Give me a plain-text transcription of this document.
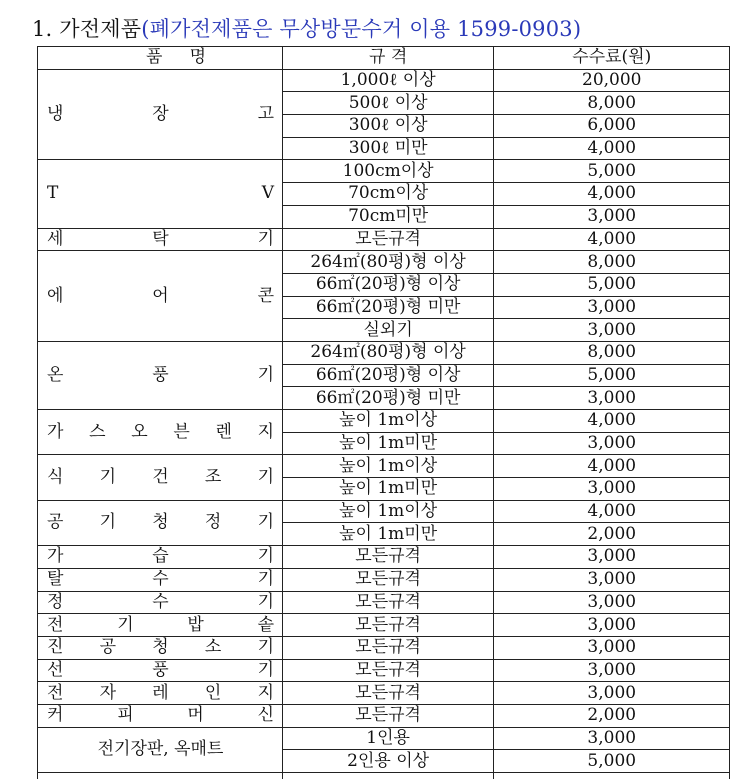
1. 가전제품(폐가전제품은 무상방문수거 이용 1599-0903)
품 명	규 격	수수료(원)
냉 장 고	1,000ℓ 이상	20,000
	500ℓ 이상	8,000
	300ℓ 이상	6,000
	300ℓ 미만	4,000
T V	100cm이상	5,000
	70cm이상	4,000
	70cm미만	3,000
세 탁 기	모든규격	4,000
에 어 콘	264㎡(80평)형 이상	8,000
	66㎡(20평)형 이상	5,000
	66㎡(20평)형 미만	3,000
	실외기	3,000
온 풍 기	264㎡(80평)형 이상	8,000
	66㎡(20평)형 이상	5,000
	66㎡(20평)형 미만	3,000
가 스 오 븐 렌 지	높이 1m이상	4,000
	높이 1m미만	3,000
식 기 건 조 기	높이 1m이상	4,000
	높이 1m미만	3,000
공 기 청 정 기	높이 1m이상	4,000
	높이 1m미만	2,000
가 습 기	모든규격	3,000
탈 수 기	모든규격	3,000
정 수 기	모든규격	3,000
전 기 밥 솥	모든규격	3,000
진 공 청 소 기	모든규격	3,000
선 풍 기	모든규격	3,000
전 자 레 인 지	모든규격	3,000
커 피 머 신	모든규격	2,000
전기장판, 옥매트	1인용	3,000
	2인용 이상	5,000
